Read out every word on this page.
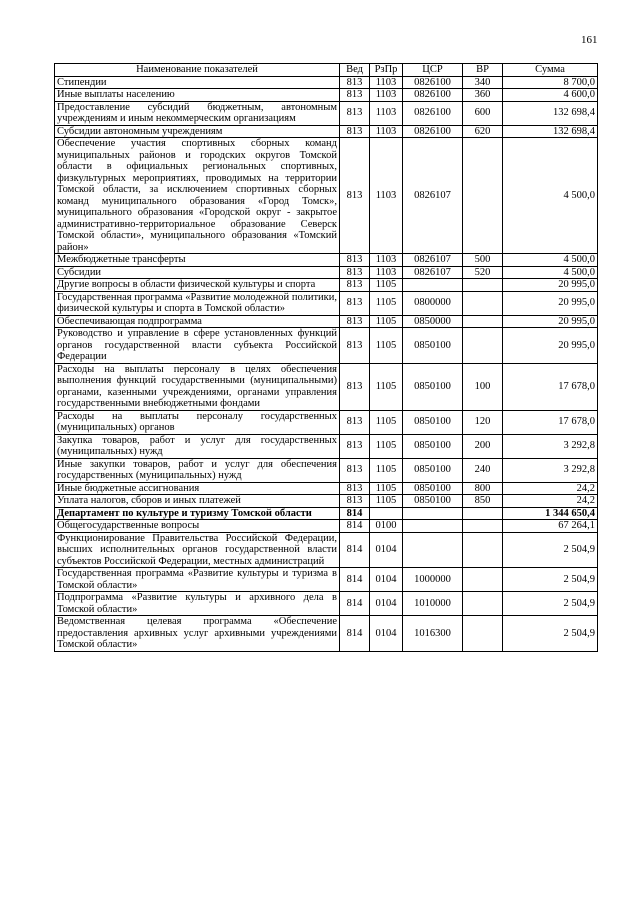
161
Наименование показателей	Вед	РзПр	ЦСР	ВР	Сумма
Стипендии	813	1103	0826100	340	8 700,0
Иные выплаты населению	813	1103	0826100	360	4 600,0
Предоставление субсидий бюджетным, автономным учреждениям и иным некоммерческим организациям	813	1103	0826100	600	132 698,4
Субсидии автономным учреждениям	813	1103	0826100	620	132 698,4
Обеспечение участия спортивных сборных команд муниципальных районов и городских округов Томской области в официальных региональных спортивных, физкультурных мероприятиях, проводимых на территории Томской области, за исключением спортивных сборных команд муниципального образования «Город Томск», муниципального образования «Городской округ - закрытое административно-территориальное образование Северск Томской области», муниципального образования «Томский район»	813	1103	0826107		4 500,0
Межбюджетные трансферты	813	1103	0826107	500	4 500,0
Субсидии	813	1103	0826107	520	4 500,0
Другие вопросы в области физической культуры и спорта	813	1105			20 995,0
Государственная программа «Развитие молодежной политики, физической культуры и спорта в Томской области»	813	1105	0800000		20 995,0
Обеспечивающая подпрограмма	813	1105	0850000		20 995,0
Руководство и управление в сфере установленных функций органов государственной власти субъекта Российской Федерации	813	1105	0850100		20 995,0
Расходы на выплаты персоналу в целях обеспечения выполнения функций государственными (муниципальными) органами, казенными учреждениями, органами управления государственными внебюджетными фондами	813	1105	0850100	100	17 678,0
Расходы на выплаты персоналу государственных (муниципальных) органов	813	1105	0850100	120	17 678,0
Закупка товаров, работ и услуг для государственных (муниципальных) нужд	813	1105	0850100	200	3 292,8
Иные закупки товаров, работ и услуг для обеспечения государственных (муниципальных) нужд	813	1105	0850100	240	3 292,8
Иные бюджетные ассигнования	813	1105	0850100	800	24,2
Уплата налогов, сборов и иных платежей	813	1105	0850100	850	24,2
Департамент по культуре и туризму Томской области	814				1 344 650,4
Общегосударственные вопросы	814	0100			67 264,1
Функционирование Правительства Российской Федерации, высших исполнительных органов государственной власти субъектов Российской Федерации, местных администраций	814	0104			2 504,9
Государственная программа «Развитие культуры и туризма в Томской области»	814	0104	1000000		2 504,9
Подпрограмма «Развитие культуры и архивного дела в Томской области»	814	0104	1010000		2 504,9
Ведомственная целевая программа «Обеспечение предоставления архивных услуг архивными учреждениями Томской области»	814	0104	1016300		2 504,9
